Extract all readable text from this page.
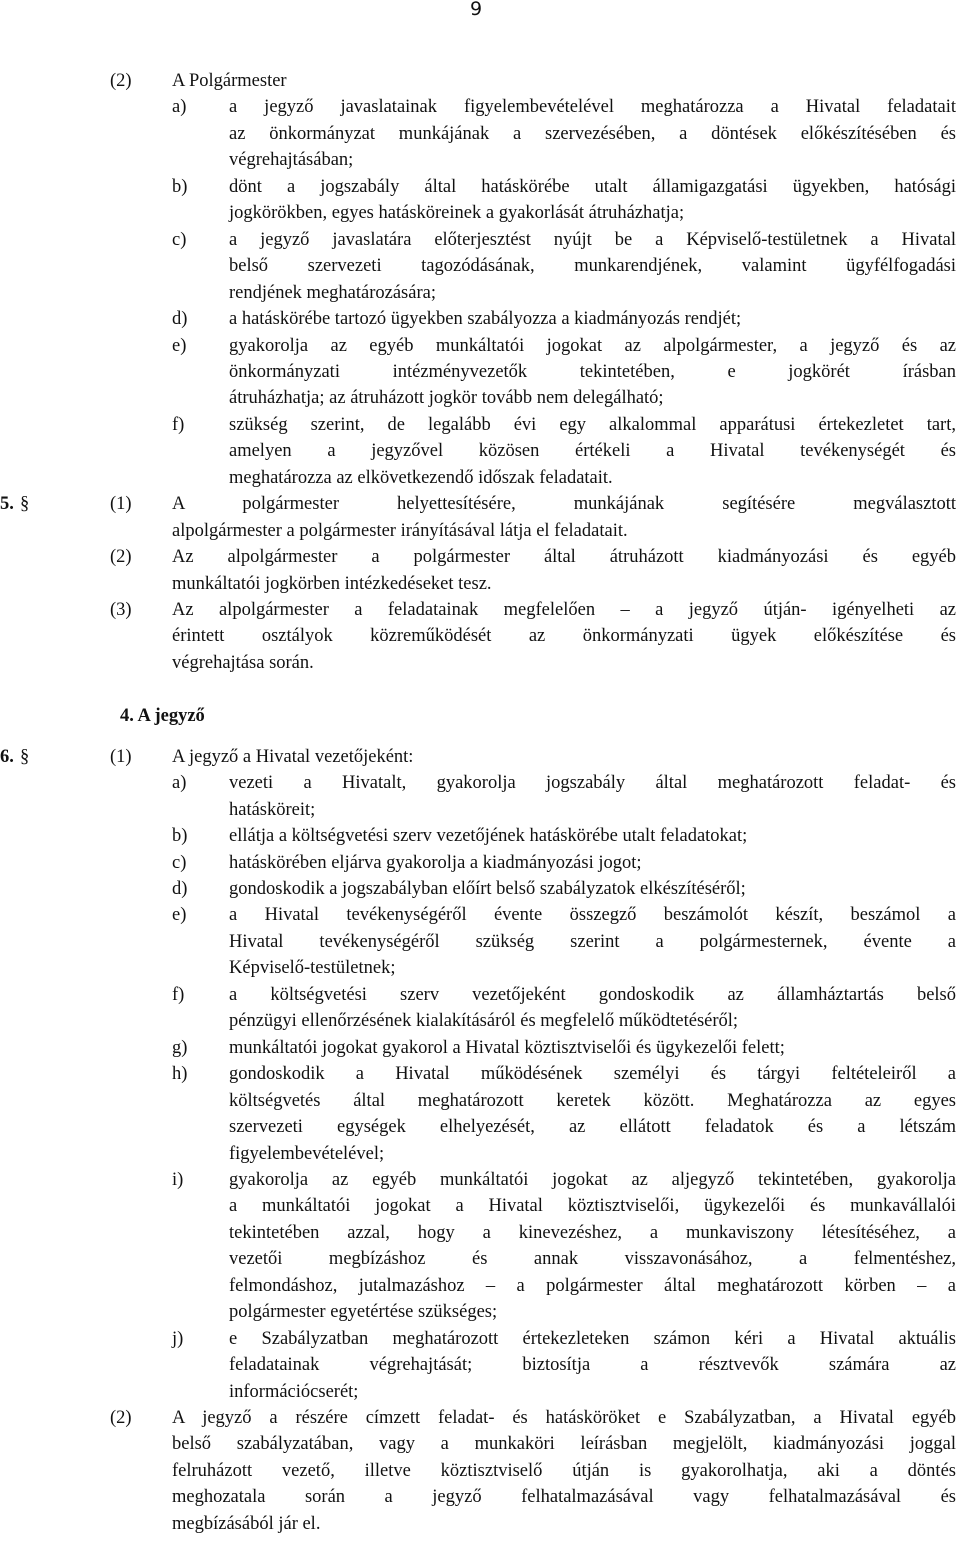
9
(2) A Polgármester
a) a jegyző javaslatainak figyelembevételével meghatározza a Hivatal feladatait
az önkormányzat munkájának a szervezésében, a döntések előkészítésében és
végrehajtásában;
b) dönt a jogszabály által hatáskörébe utalt államigazgatási ügyekben, hatósági
jogkörökben, egyes hatásköreinek a gyakorlását átruházhatja;
c) a jegyző javaslatára előterjesztést nyújt be a Képviselő-testületnek a Hivatal
belső szervezeti tagozódásának, munkarendjének, valamint ügyfélfogadási
rendjének meghatározására;
d) a hatáskörébe tartozó ügyekben szabályozza a kiadmányozás rendjét;
e) gyakorolja az egyéb munkáltatói jogokat az alpolgármester, a jegyző és az
önkormányzati intézményvezetők tekintetében, e jogkörét írásban
átruházhatja; az átruházott jogkör tovább nem delegálható;
f) szükség szerint, de legalább évi egy alkalommal apparátusi értekezletet tart,
amelyen a jegyzővel közösen értékeli a Hivatal tevékenységét és
meghatározza az elkövetkezendő időszak feladatait.
5. §	(1) A polgármester helyettesítésére, munkájának segítésére megválasztott
alpolgármester a polgármester irányításával látja el feladatait.
(2) Az alpolgármester a polgármester által átruházott kiadmányozási és egyéb
munkáltatói jogkörben intézkedéseket tesz.
(3) Az alpolgármester a feladatainak megfelelően – a jegyző útján- igényelheti az
érintett osztályok közreműködését az önkormányzati ügyek előkészítése és
végrehajtása során.
4. A jegyző
6. §	(1) A jegyző a Hivatal vezetőjeként:
a) vezeti a Hivatalt, gyakorolja jogszabály által meghatározott feladat- és
hatásköreit;
b) ellátja a költségvetési szerv vezetőjének hatáskörébe utalt feladatokat;
c) hatáskörében eljárva gyakorolja a kiadmányozási jogot;
d) gondoskodik a jogszabályban előírt belső szabályzatok elkészítéséről;
e) a Hivatal tevékenységéről évente összegző beszámolót készít, beszámol a
Hivatal tevékenységéről szükség szerint a polgármesternek, évente a
Képviselő-testületnek;
f) a költségvetési szerv vezetőjeként gondoskodik az államháztartás belső
pénzügyi ellenőrzésének kialakításáról és megfelelő működtetéséről;
g) munkáltatói jogokat gyakorol a Hivatal köztisztviselői és ügykezelői felett;
h) gondoskodik a Hivatal működésének személyi és tárgyi feltételeiről a
költségvetés által meghatározott keretek között. Meghatározza az egyes
szervezeti egységek elhelyezését, az ellátott feladatok és a létszám
figyelembevételével;
i) gyakorolja az egyéb munkáltatói jogokat az aljegyző tekintetében, gyakorolja
a munkáltatói jogokat a Hivatal köztisztviselői, ügykezelői és munkavállalói
tekintetében azzal, hogy a kinevezéshez, a munkaviszony létesítéséhez, a
vezetői megbízáshoz és annak visszavonásához, a felmentéshez,
felmondáshoz, jutalmazáshoz – a polgármester által meghatározott körben – a
polgármester egyetértése szükséges;
j) e Szabályzatban meghatározott értekezleteken számon kéri a Hivatal aktuális
feladatainak végrehajtását; biztosítja a résztvevők számára az
információcserét;
(2) A jegyző a részére címzett feladat- és hatásköröket e Szabályzatban, a Hivatal egyéb
belső szabályzatában, vagy a munkaköri leírásban megjelölt, kiadmányozási joggal
felruházott vezető, illetve köztisztviselő útján is gyakorolhatja, aki a döntés
meghozatala során a jegyző felhatalmazásával vagy felhatalmazásával és
megbízásából jár el.
